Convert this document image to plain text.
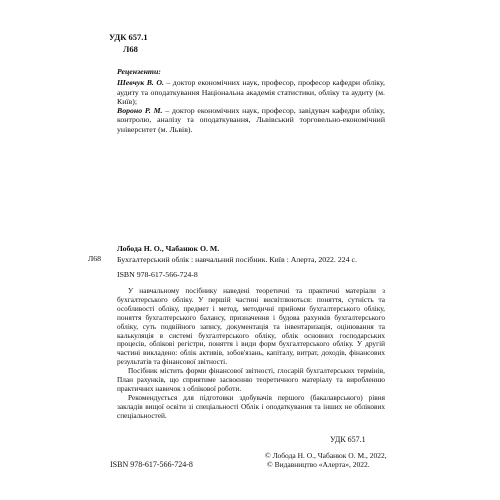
УДК 657.1
Л68
Рецензенти:

Шевчук В. О. – доктор економічних наук, професор, професор кафедри обліку, аудиту та оподаткування Національна академія статистики, обліку та аудиту (м. Київ);

Вороно Р. М. – доктор економічних наук, професор, завідувач кафедри обліку, контролю, аналізу та оподаткування, Львівський торговельно-економічний університет (м. Львів).

Л68
Лобода Н. О., Чабанюк О. М.
Бухгалтерський облік : навчальний посібник. Київ : Алерта, 2022. 224 с.
ISBN 978-617-566-724-8

У навчальному посібнику наведені теоретичні та практичні матеріали з бухгалтерського обліку. У першій частині висвітлюються: поняття, сутність та особливості обліку, предмет і метод, методичні прийоми бухгалтерського обліку, поняття бухгалтерського балансу, призначення і будова рахунків бухгалтерського обліку, суть подвійного запису, документація та інвентаризація, оцінювання та калькуляція в системі бухгалтерського обліку, облік основних господарських процесів, облікові регістри, поняття і види форм бухгалтерського обліку. У другій частині викладено: облік активів, зобов'язань, капіталу, витрат, доходів, фінансових результатів та фінансової звітності.

Посібник містить форми фінансової звітності, глосарій бухгалтерських термінів, План рахунків, що сприятиме засвоєнню теоретичного матеріалу та виробленню практичних навичок з облікової роботи.

Рекомендується для підготовки здобувачів першого (бакалаврського) рівня закладів вищої освіти зі спеціальності Облік і оподаткування та інших не облікових спеціальностей.

УДК 657.1
ISBN 978-617-566-724-8
© Лобода Н. О., Чабанюк О. М., 2022,
© Видавництво «Алерта», 2022.
